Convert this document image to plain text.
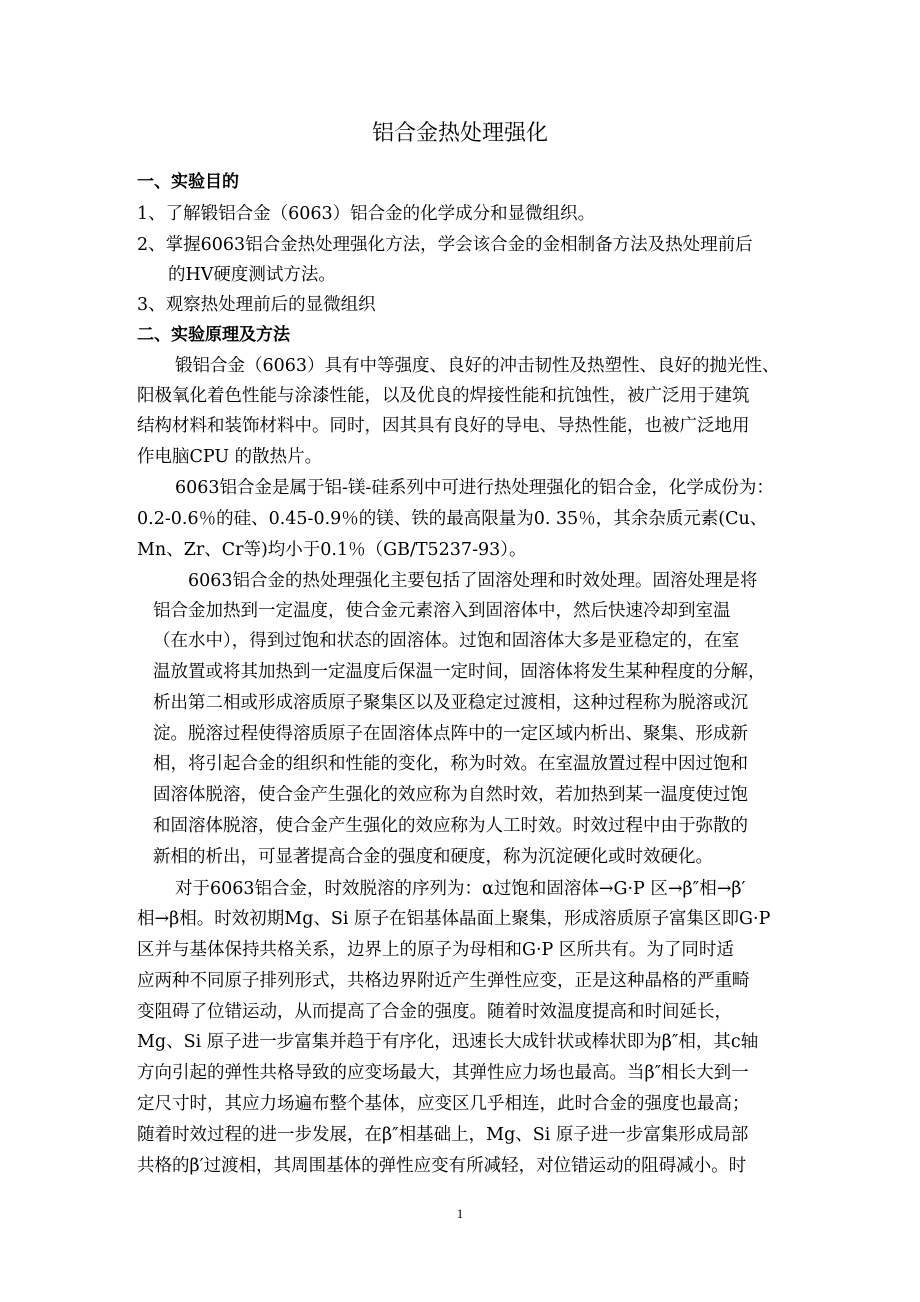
铝合金热处理强化
一、实验目的
1、了解锻铝合金（6063）铝合金的化学成分和显微组织。
2、掌握6063铝合金热处理强化方法，学会该合金的金相制备方法及热处理前后
的HV硬度测试方法。
3、观察热处理前后的显微组织
二、实验原理及方法
锻铝合金（6063）具有中等强度、良好的冲击韧性及热塑性、良好的抛光性、
阳极氧化着色性能与涂漆性能，以及优良的焊接性能和抗蚀性，被广泛用于建筑
结构材料和装饰材料中。同时，因其具有良好的导电、导热性能，也被广泛地用
作电脑CPU 的散热片。
6063铝合金是属于铝-镁-硅系列中可进行热处理强化的铝合金，化学成份为：
0.2-0.6％的硅、0.45-0.9％的镁、铁的最高限量为0. 35％，其余杂质元素(Cu、
Mn、Zr、Cr等)均小于0.1％（GB/T5237-93）。
6063铝合金的热处理强化主要包括了固溶处理和时效处理。固溶处理是将
铝合金加热到一定温度，使合金元素溶入到固溶体中，然后快速冷却到室温
（在水中），得到过饱和状态的固溶体。过饱和固溶体大多是亚稳定的，在室
温放置或将其加热到一定温度后保温一定时间，固溶体将发生某种程度的分解，
析出第二相或形成溶质原子聚集区以及亚稳定过渡相，这种过程称为脱溶或沉
淀。脱溶过程使得溶质原子在固溶体点阵中的一定区域内析出、聚集、形成新
相，将引起合金的组织和性能的变化，称为时效。在室温放置过程中因过饱和
固溶体脱溶，使合金产生强化的效应称为自然时效，若加热到某一温度使过饱
和固溶体脱溶，使合金产生强化的效应称为人工时效。时效过程中由于弥散的
新相的析出，可显著提高合金的强度和硬度，称为沉淀硬化或时效硬化。
对于6063铝合金，时效脱溶的序列为：α过饱和固溶体→G·P 区→β″相→β′
相→β相。时效初期Mg、Si 原子在铝基体晶面上聚集，形成溶质原子富集区即G·P
区并与基体保持共格关系，边界上的原子为母相和G·P 区所共有。为了同时适
应两种不同原子排列形式，共格边界附近产生弹性应变，正是这种晶格的严重畸
变阻碍了位错运动，从而提高了合金的强度。随着时效温度提高和时间延长，
Mg、Si 原子进一步富集并趋于有序化，迅速长大成针状或棒状即为β″相，其c轴
方向引起的弹性共格导致的应变场最大，其弹性应力场也最高。当β″相长大到一
定尺寸时，其应力场遍布整个基体，应变区几乎相连，此时合金的强度也最高；
随着时效过程的进一步发展，在β″相基础上，Mg、Si 原子进一步富集形成局部
共格的β′过渡相，其周围基体的弹性应变有所减轻，对位错运动的阻碍减小。时
1
